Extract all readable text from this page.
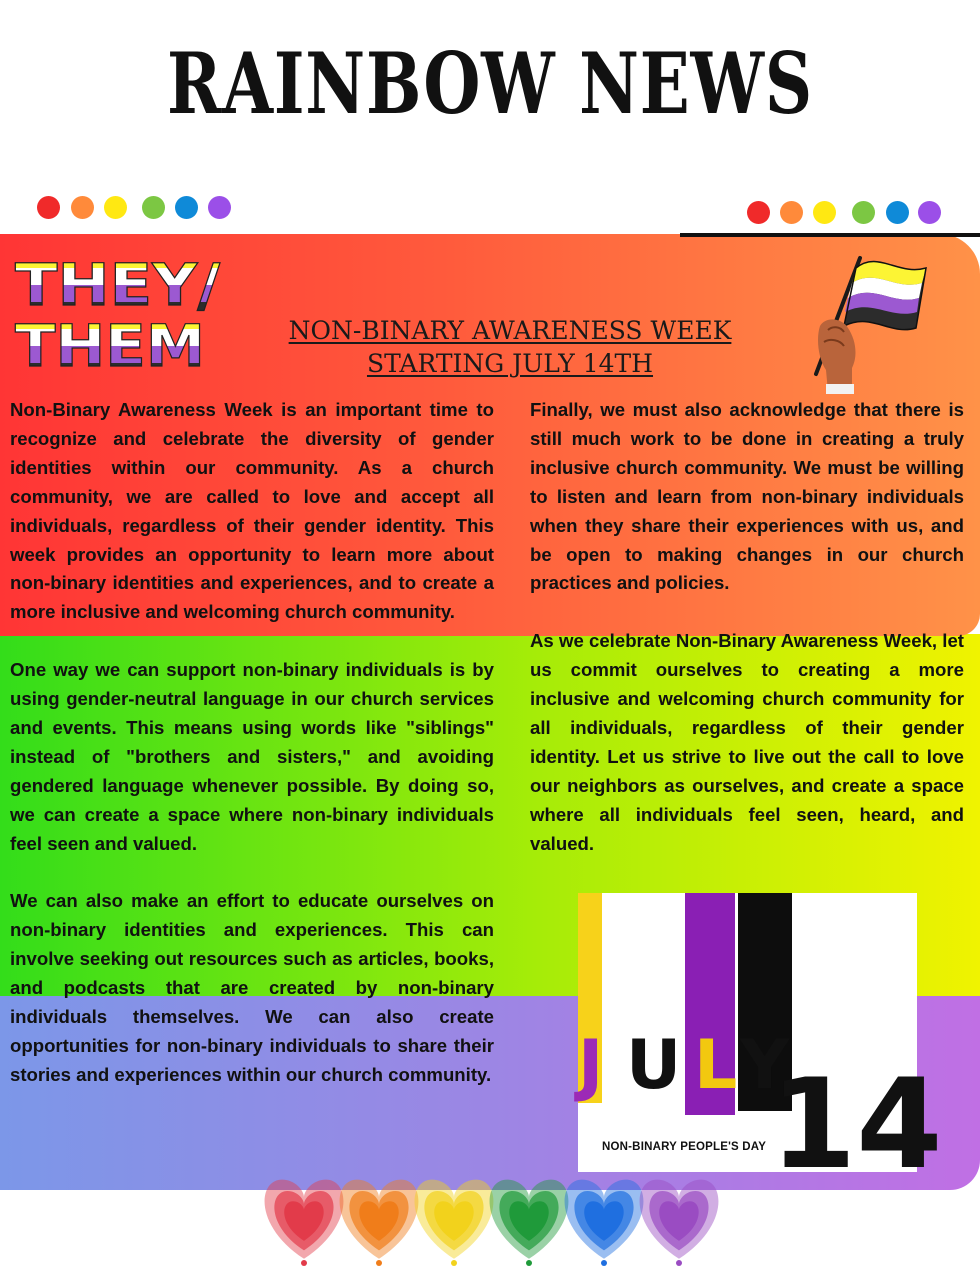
RAINBOW NEWS
THEY/
THEM	NON-BINARY AWARENESS WEEK
STARTING JULY 14TH

Non-Binary Awareness Week is an important time to recognize and celebrate the diversity of gender identities within our community. As a church community, we are called to love and accept all individuals, regardless of their gender identity. This week provides an opportunity to learn more about non-binary identities and experiences, and to create a more inclusive and welcoming church community.

One way we can support non-binary individuals is by using gender-neutral language in our church services and events. This means using words like "siblings" instead of "brothers and sisters," and avoiding gendered language whenever possible. By doing so, we can create a space where non-binary individuals feel seen and valued.

We can also make an effort to educate ourselves on non-binary identities and experiences. This can involve seeking out resources such as articles, books, and podcasts that are created by non-binary individuals themselves. We can also create opportunities for non-binary individuals to share their stories and experiences within our church community.

Finally, we must also acknowledge that there is still much work to be done in creating a truly inclusive church community. We must be willing to listen and learn from non-binary individuals when they share their experiences with us, and be open to making changes in our church practices and policies.

As we celebrate Non-Binary Awareness Week, let us commit ourselves to creating a more inclusive and welcoming church community for all individuals, regardless of their gender identity. Let us strive to live out the call to love our neighbors as ourselves, and create a space where all individuals feel seen, heard, and valued.

J U L Y
14
NON-BINARY PEOPLE'S DAY
